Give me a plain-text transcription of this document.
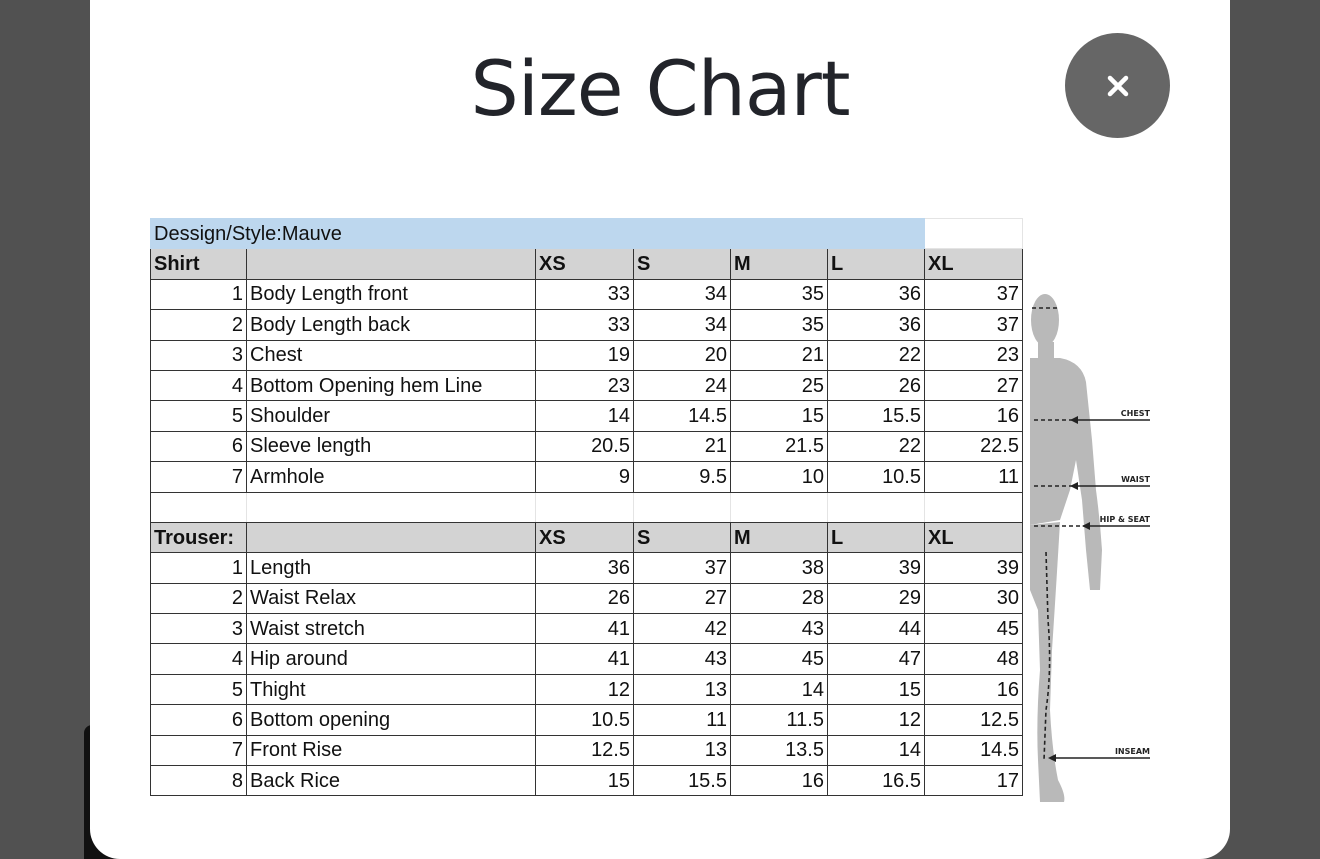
Size Chart
Dessign/Style:Mauve						
Shirt		XS	S	M	L	XL
1	Body Length front	33	34	35	36	37
2	Body Length back	33	34	35	36	37
3	Chest	19	20	21	22	23
4	Bottom Opening hem Line	23	24	25	26	27
5	Shoulder	14	14.5	15	15.5	16
6	Sleeve length	20.5	21	21.5	22	22.5
7	Armhole	9	9.5	10	10.5	11

Trouser:		XS	S	M	L	XL
1	Length	36	37	38	39	39
2	Waist Relax	26	27	28	29	30
3	Waist stretch	41	42	43	44	45
4	Hip around	41	43	45	47	48
5	Thight	12	13	14	15	16
6	Bottom opening	10.5	11	11.5	12	12.5
7	Front Rise	12.5	13	13.5	14	14.5
8	Back Rice	15	15.5	16	16.5	17
CHEST
WAIST
HIP & SEAT
INSEAM
